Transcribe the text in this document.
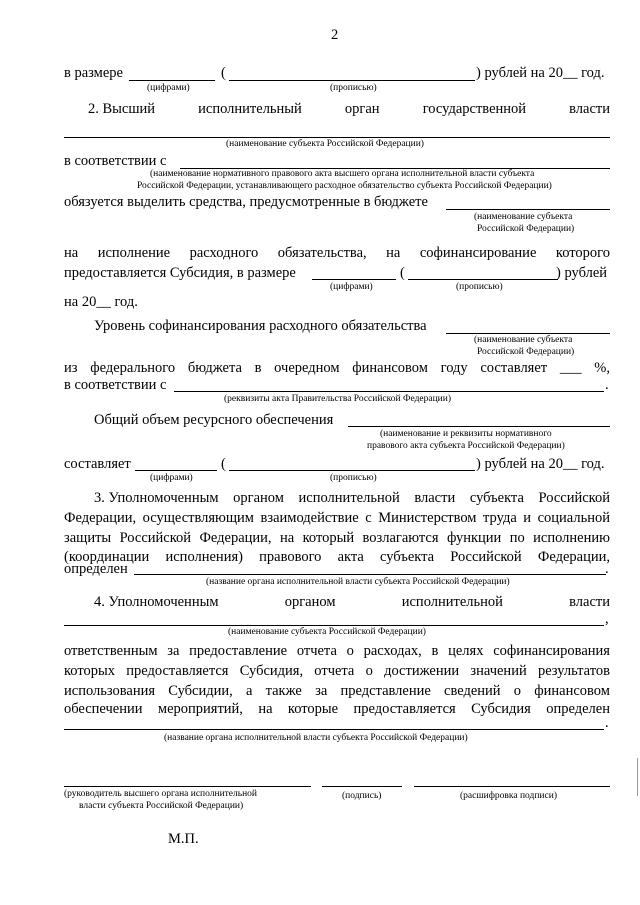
2
в размере	(	) рублей на 20__ год.
(цифрами)	(прописью)
2. Высший	исполнительный	орган	государственной	власти
(наименование субъекта Российской Федерации)
в соответствии с
(наименование нормативного правового акта высшего органа исполнительной власти субъекта
Российской Федерации, устанавливающего расходное обязательство субъекта Российской Федерации)
обязуется выделить средства, предусмотренные в бюджете
(наименование субъекта
Российской Федерации)
на исполнение расходного обязательства, на софинансирование которого
предоставляется Субсидия, в размере	(	) рублей
(цифрами)	(прописью)
на 20__ год.
Уровень софинансирования расходного обязательства
(наименование субъекта
Российской Федерации)
из федерального бюджета в очередном финансовом году составляет ___ %,
в соответствии с	.
(реквизиты акта Правительства Российской Федерации)
Общий объем ресурсного обеспечения
(наименование и реквизиты нормативного
правового акта субъекта Российской Федерации)
составляет	(	) рублей на 20__ год.
(цифрами)	(прописью)
3. Уполномоченным органом исполнительной власти субъекта Российской
Федерации, осуществляющим взаимодействие с Министерством труда и социальной
защиты Российской Федерации, на который возлагаются функции по исполнению
(координации исполнения) правового акта субъекта Российской Федерации,
определен	.
(название органа исполнительной власти субъекта Российской Федерации)
4. Уполномоченным	органом	исполнительной	власти
,
(наименование субъекта Российской Федерации)
ответственным за предоставление отчета о расходах, в целях софинансирования
которых предоставляется Субсидия, отчета о достижении значений результатов
использования Субсидии, а также за представление сведений о финансовом
обеспечении мероприятий, на которые предоставляется Субсидия определен
.
(название органа исполнительной власти субъекта Российской Федерации)
(руководитель высшего органа исполнительной
власти субъекта Российской Федерации)
(подпись)	(расшифровка подписи)
М.П.
